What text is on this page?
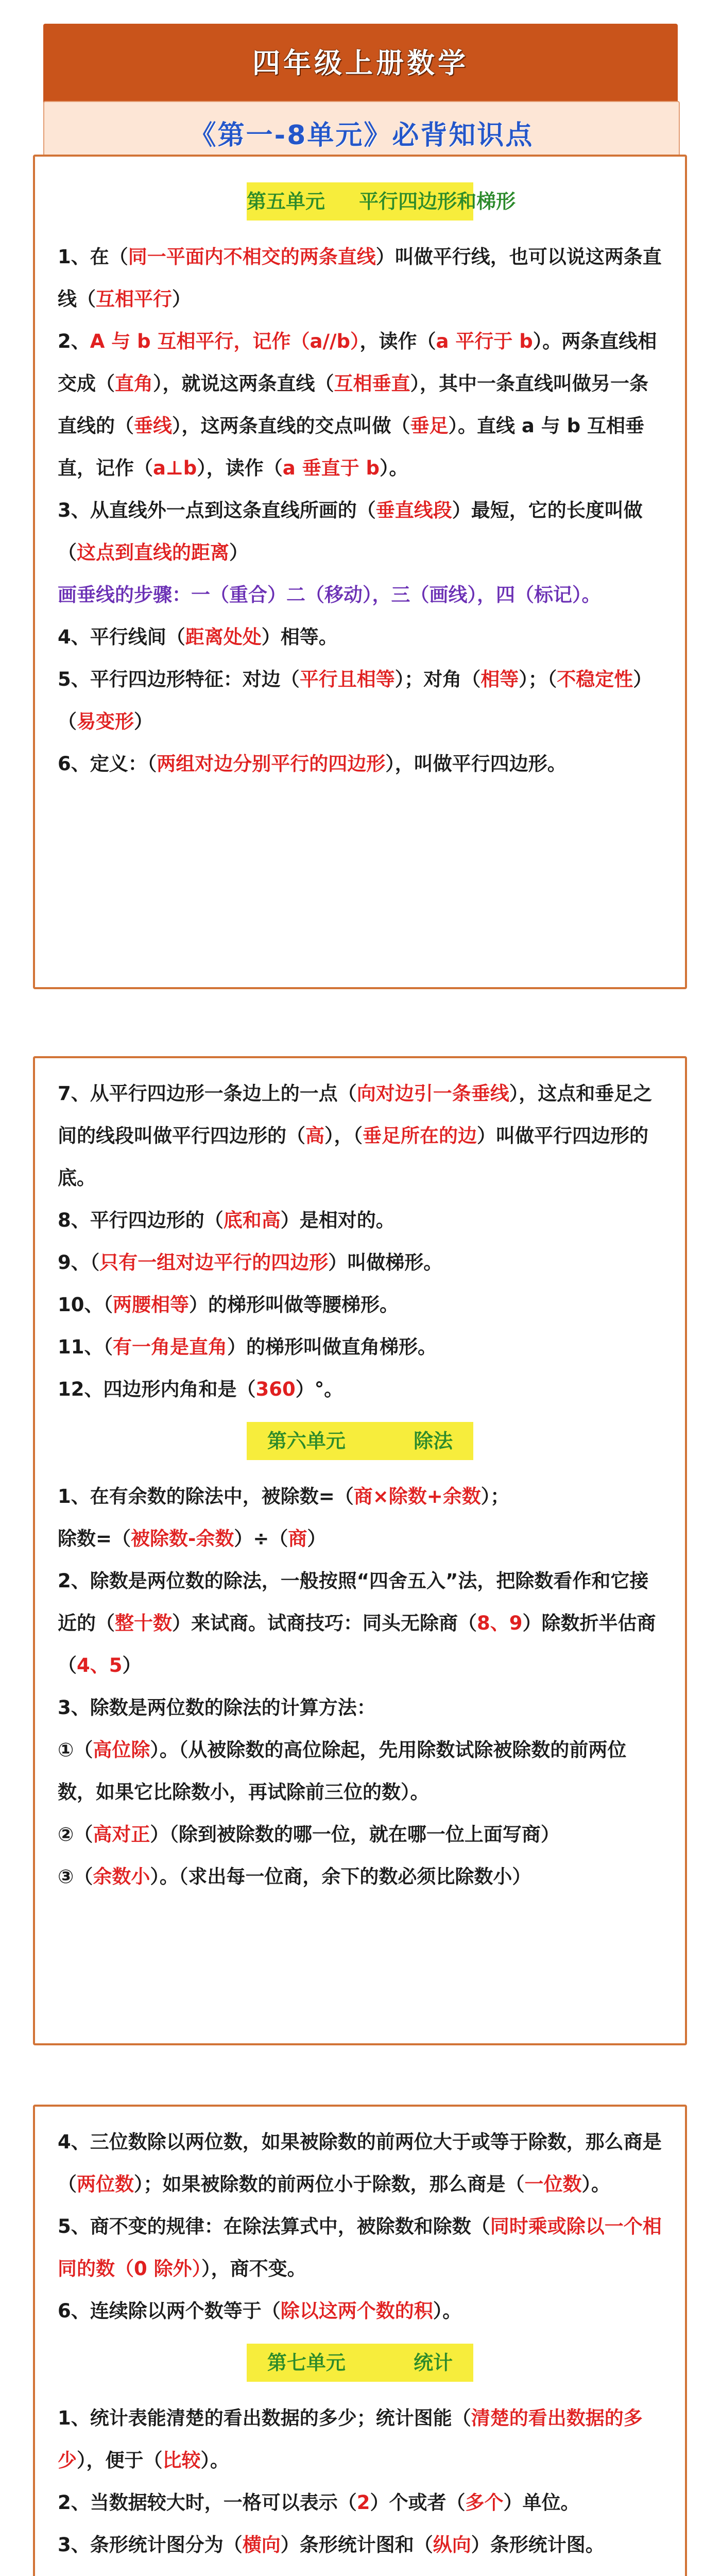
四年级上册数学
《第一-8单元》必背知识点
第五单元     平行四边形和梯形

1、在（同一平面内不相交的两条直线）叫做平行线，也可以说这两条直线（互相平行）

2、A 与 b 互相平行，记作（a//b），读作（a 平行于 b）。两条直线相交成（直角），就说这两条直线（互相垂直），其中一条直线叫做另一条直线的（垂线），这两条直线的交点叫做（垂足）。直线 a 与 b 互相垂直，记作（a⊥b），读作（a 垂直于 b）。

3、从直线外一点到这条直线所画的（垂直线段）最短，它的长度叫做（这点到直线的距离）

画垂线的步骤：一（重合）二（移动），三（画线），四（标记）。

4、平行线间（距离处处）相等。

5、平行四边形特征：对边（平行且相等）；对角（相等）；（不稳定性）（易变形）

6、定义：（两组对边分别平行的四边形），叫做平行四边形。

7、从平行四边形一条边上的一点（向对边引一条垂线），这点和垂足之间的线段叫做平行四边形的（高），（垂足所在的边）叫做平行四边形的底。

8、平行四边形的（底和高）是相对的。

9、（只有一组对边平行的四边形）叫做梯形。

10、（两腰相等）的梯形叫做等腰梯形。

11、（有一角是直角）的梯形叫做直角梯形。

12、四边形内角和是（360）°。

第六单元          除法

1、在有余数的除法中，被除数=（商×除数+余数）；

除数=（被除数-余数）÷（商）

2、除数是两位数的除法，一般按照“四舍五入”法，把除数看作和它接近的（整十数）来试商。试商技巧：同头无除商（8、9）除数折半估商（4、5）

3、除数是两位数的除法的计算方法：

①（高位除）。（从被除数的高位除起，先用除数试除被除数的前两位数，如果它比除数小，再试除前三位的数）。

②（高对正）（除到被除数的哪一位，就在哪一位上面写商）

③（余数小）。（求出每一位商，余下的数必须比除数小）

4、三位数除以两位数，如果被除数的前两位大于或等于除数，那么商是（两位数）；如果被除数的前两位小于除数，那么商是（一位数）。

5、商不变的规律：在除法算式中，被除数和除数（同时乘或除以一个相同的数（0 除外）），商不变。

6、连续除以两个数等于（除以这两个数的积）。

第七单元          统计

1、统计表能清楚的看出数据的多少；统计图能（清楚的看出数据的多少），便于（比较）。

2、当数据较大时，一格可以表示（2）个或者（多个）单位。

3、条形统计图分为（横向）条形统计图和（纵向）条形统计图。
